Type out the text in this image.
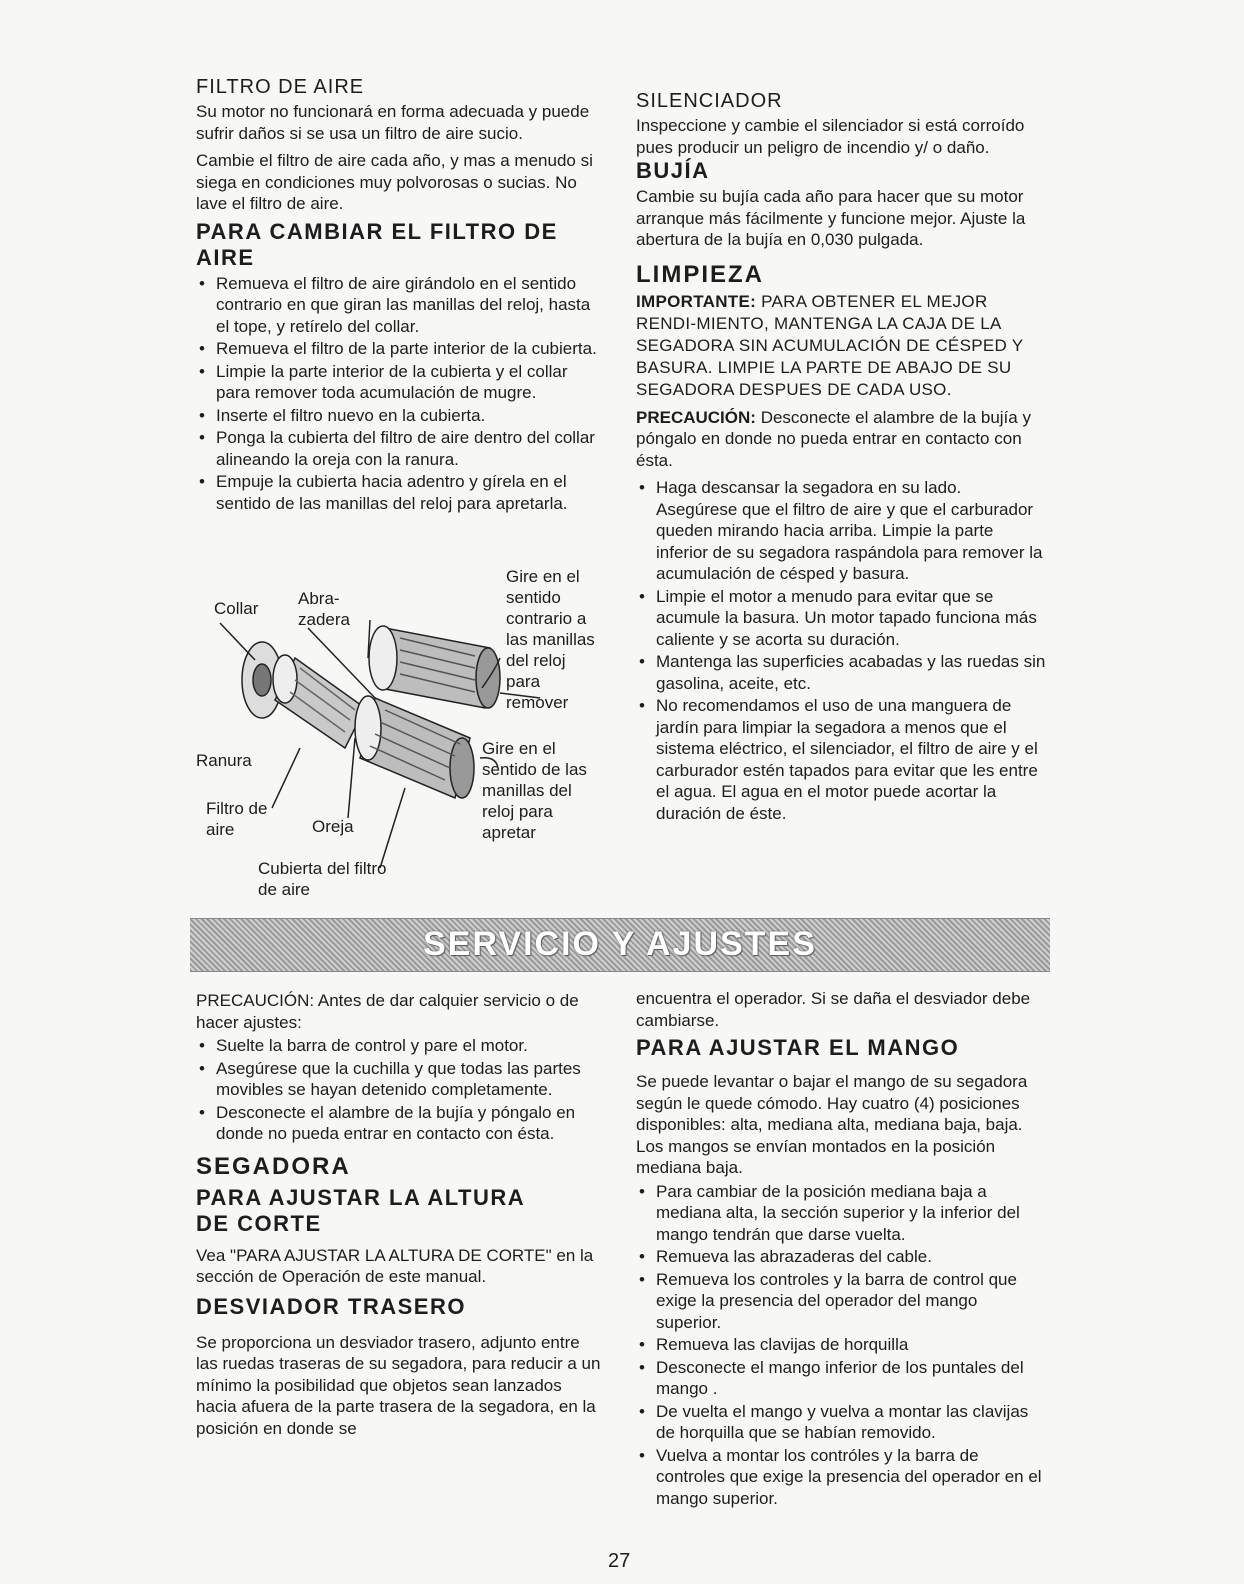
FILTRO DE AIRE

Su motor no funcionará en forma adecuada y puede sufrir daños si se usa un filtro de aire sucio.

Cambie el filtro de aire cada año, y mas a menudo si siega en condiciones muy polvorosas o sucias. No lave el filtro de aire.

PARA CAMBIAR EL FILTRO DE AIRE
• Remueva el filtro de aire girándolo en el sentido contrario en que giran las manillas del reloj, hasta el tope, y retírelo del collar.
• Remueva el filtro de la parte interior de la cubierta.
• Limpie la parte interior de la cubierta y el collar para remover toda acumulación de mugre.
• Inserte el filtro nuevo en la cubierta.
• Ponga la cubierta del filtro de aire dentro del collar alineando la oreja con la ranura.
• Empuje la cubierta hacia adentro y gírela en el sentido de las manillas del reloj para apretarla.
Collar
Abra-
zadera
Ranura
Filtro de
aire	Oreja
Cubierta del filtro
de aire
Gire en el
sentido
contrario a
las manillas
del reloj
para
remover
Gire en el
sentido de las
manillas del
reloj para
apretar
SILENCIADOR

Inspeccione y cambie el silenciador si está corroído pues producir un peligro de incendio y/ o daño.

BUJÍA

Cambie su bujía cada año para hacer que su motor arranque más fácilmente y funcione mejor. Ajuste la abertura de la bujía en 0,030 pulgada.

LIMPIEZA

IMPORTANTE: PARA OBTENER EL MEJOR RENDI-MIENTO, MANTENGA LA CAJA DE LA SEGADORA SIN ACUMULACIÓN DE CÉSPED Y BASURA. LIMPIE LA PARTE DE ABAJO DE SU SEGADORA DESPUES DE CADA USO.

PRECAUCIÓN: Desconecte el alambre de la bujía y póngalo en donde no pueda entrar en contacto con ésta.

• Haga descansar la segadora en su lado. Asegúrese que el filtro de aire y que el carburador queden mirando hacia arriba. Limpie la parte inferior de su segadora raspándola para remover la acumulación de césped y basura.
• Limpie el motor a menudo para evitar que se acumule la basura. Un motor tapado funciona más caliente y se acorta su duración.
• Mantenga las superficies acabadas y las ruedas sin gasolina, aceite, etc.
• No recomendamos el uso de una manguera de jardín para limpiar la segadora a menos que el sistema eléctrico, el silenciador, el filtro de aire y el carburador estén tapados para evitar que les entre el agua. El agua en el motor puede acortar la duración de éste.
SERVICIO Y AJUSTES

PRECAUCIÓN: Antes de dar calquier servicio o de hacer ajustes:

• Suelte la barra de control y pare el motor.
• Asegúrese que la cuchilla y que todas las partes movibles se hayan detenido completamente.
• Desconecte el alambre de la bujía y póngalo en donde no pueda entrar en contacto con ésta.
SEGADORA
PARA AJUSTAR LA ALTURA DE CORTE

Vea "PARA AJUSTAR LA ALTURA DE CORTE" en la sección de Operación de este manual.

DESVIADOR TRASERO

Se proporciona un desviador trasero, adjunto entre las ruedas traseras de su segadora, para reducir a un mínimo la posibilidad que objetos sean lanzados hacia afuera de la parte trasera de la segadora, en la posición en donde se

encuentra el operador. Si se daña el desviador debe cambiarse.

PARA AJUSTAR EL MANGO

Se puede levantar o bajar el mango de su segadora según le quede cómodo. Hay cuatro (4) posiciones disponibles: alta, mediana alta, mediana baja, baja. Los mangos se envían montados en la posición mediana baja.

• Para cambiar de la posición mediana baja a mediana alta, la sección superior y la inferior del mango tendrán que darse vuelta.
• Remueva las abrazaderas del cable.
• Remueva los controles y la barra de control que exige la presencia del operador del mango superior.
• Remueva las clavijas de horquilla
• Desconecte el mango inferior de los puntales del mango .
• De vuelta el mango y vuelva a montar las clavijas de horquilla que se habían removido.
• Vuelva a montar los contróles y la barra de controles que exige la presencia del operador en el mango superior.
27
